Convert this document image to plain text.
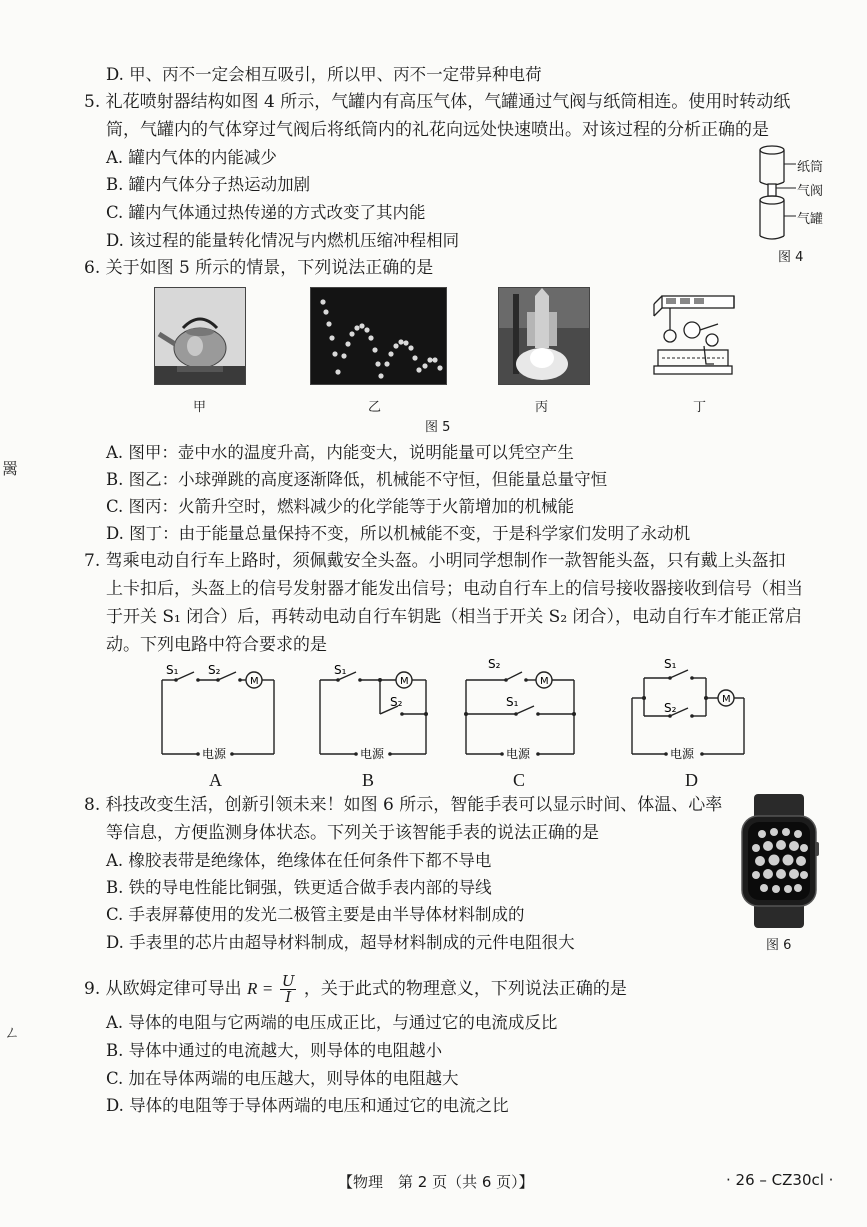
D. 甲、丙不一定会相互吸引，所以甲、丙不一定带异种电荷
5. 礼花喷射器结构如图 4 所示，气罐内有高压气体，气罐通过气阀与纸筒相连。使用时转动纸
筒，气罐内的气体穿过气阀后将纸筒内的礼花向远处快速喷出。对该过程的分析正确的是
A. 罐内气体的内能减少
B. 罐内气体分子热运动加剧
C. 罐内气体通过热传递的方式改变了其内能
D. 该过程的能量转化情况与内燃机压缩冲程相同
纸筒
气阀
气罐
图 4
6. 关于如图 5 所示的情景，下列说法正确的是
甲	乙	丙	丁
图 5
A. 图甲：壶中水的温度升高，内能变大，说明能量可以凭空产生
B. 图乙：小球弹跳的高度逐渐降低，机械能不守恒，但能量总量守恒
C. 图丙：火箭升空时，燃料减少的化学能等于火箭增加的机械能
D. 图丁：由于能量总量保持不变，所以机械能不变，于是科学家们发明了永动机
7. 驾乘电动自行车上路时，须佩戴安全头盔。小明同学想制作一款智能头盔，只有戴上头盔扣
上卡扣后，头盔上的信号发射器才能发出信号；电动自行车上的信号接收器接收到信号（相当
于开关 S₁ 闭合）后，再转动电动自行车钥匙（相当于开关 S₂ 闭合），电动自行车才能正常启
动。下列电路中符合要求的是
S₁ S₂
M
电源
A
S₁
S₂
M
电源
B
S₂
S₁
M
电源
C
S₁
S₂
M
电源
D
8. 科技改变生活，创新引领未来！如图 6 所示，智能手表可以显示时间、体温、心率
等信息，方便监测身体状态。下列关于该智能手表的说法正确的是
A. 橡胶表带是绝缘体，绝缘体在任何条件下都不导电
B. 铁的导电性能比铜强，铁更适合做手表内部的导线
C. 手表屏幕使用的发光二极管主要是由半导体材料制成的
D. 手表里的芯片由超导材料制成，超导材料制成的元件电阻很大	图 6
9. 从欧姆定律可导出 $R = \frac{U}{I}$ ，关于此式的物理意义，下列说法正确的是
A. 导体的电阻与它两端的电压成正比，与通过它的电流成反比
B. 导体中通过的电流越大，则导体的电阻越小
C. 加在导体两端的电压越大，则导体的电阻越大
D. 导体的电阻等于导体两端的电压和通过它的电流之比
䍠
ㄥ
【物理　第 2 页（共 6 页）】	· 26 – CZ30cl ·
